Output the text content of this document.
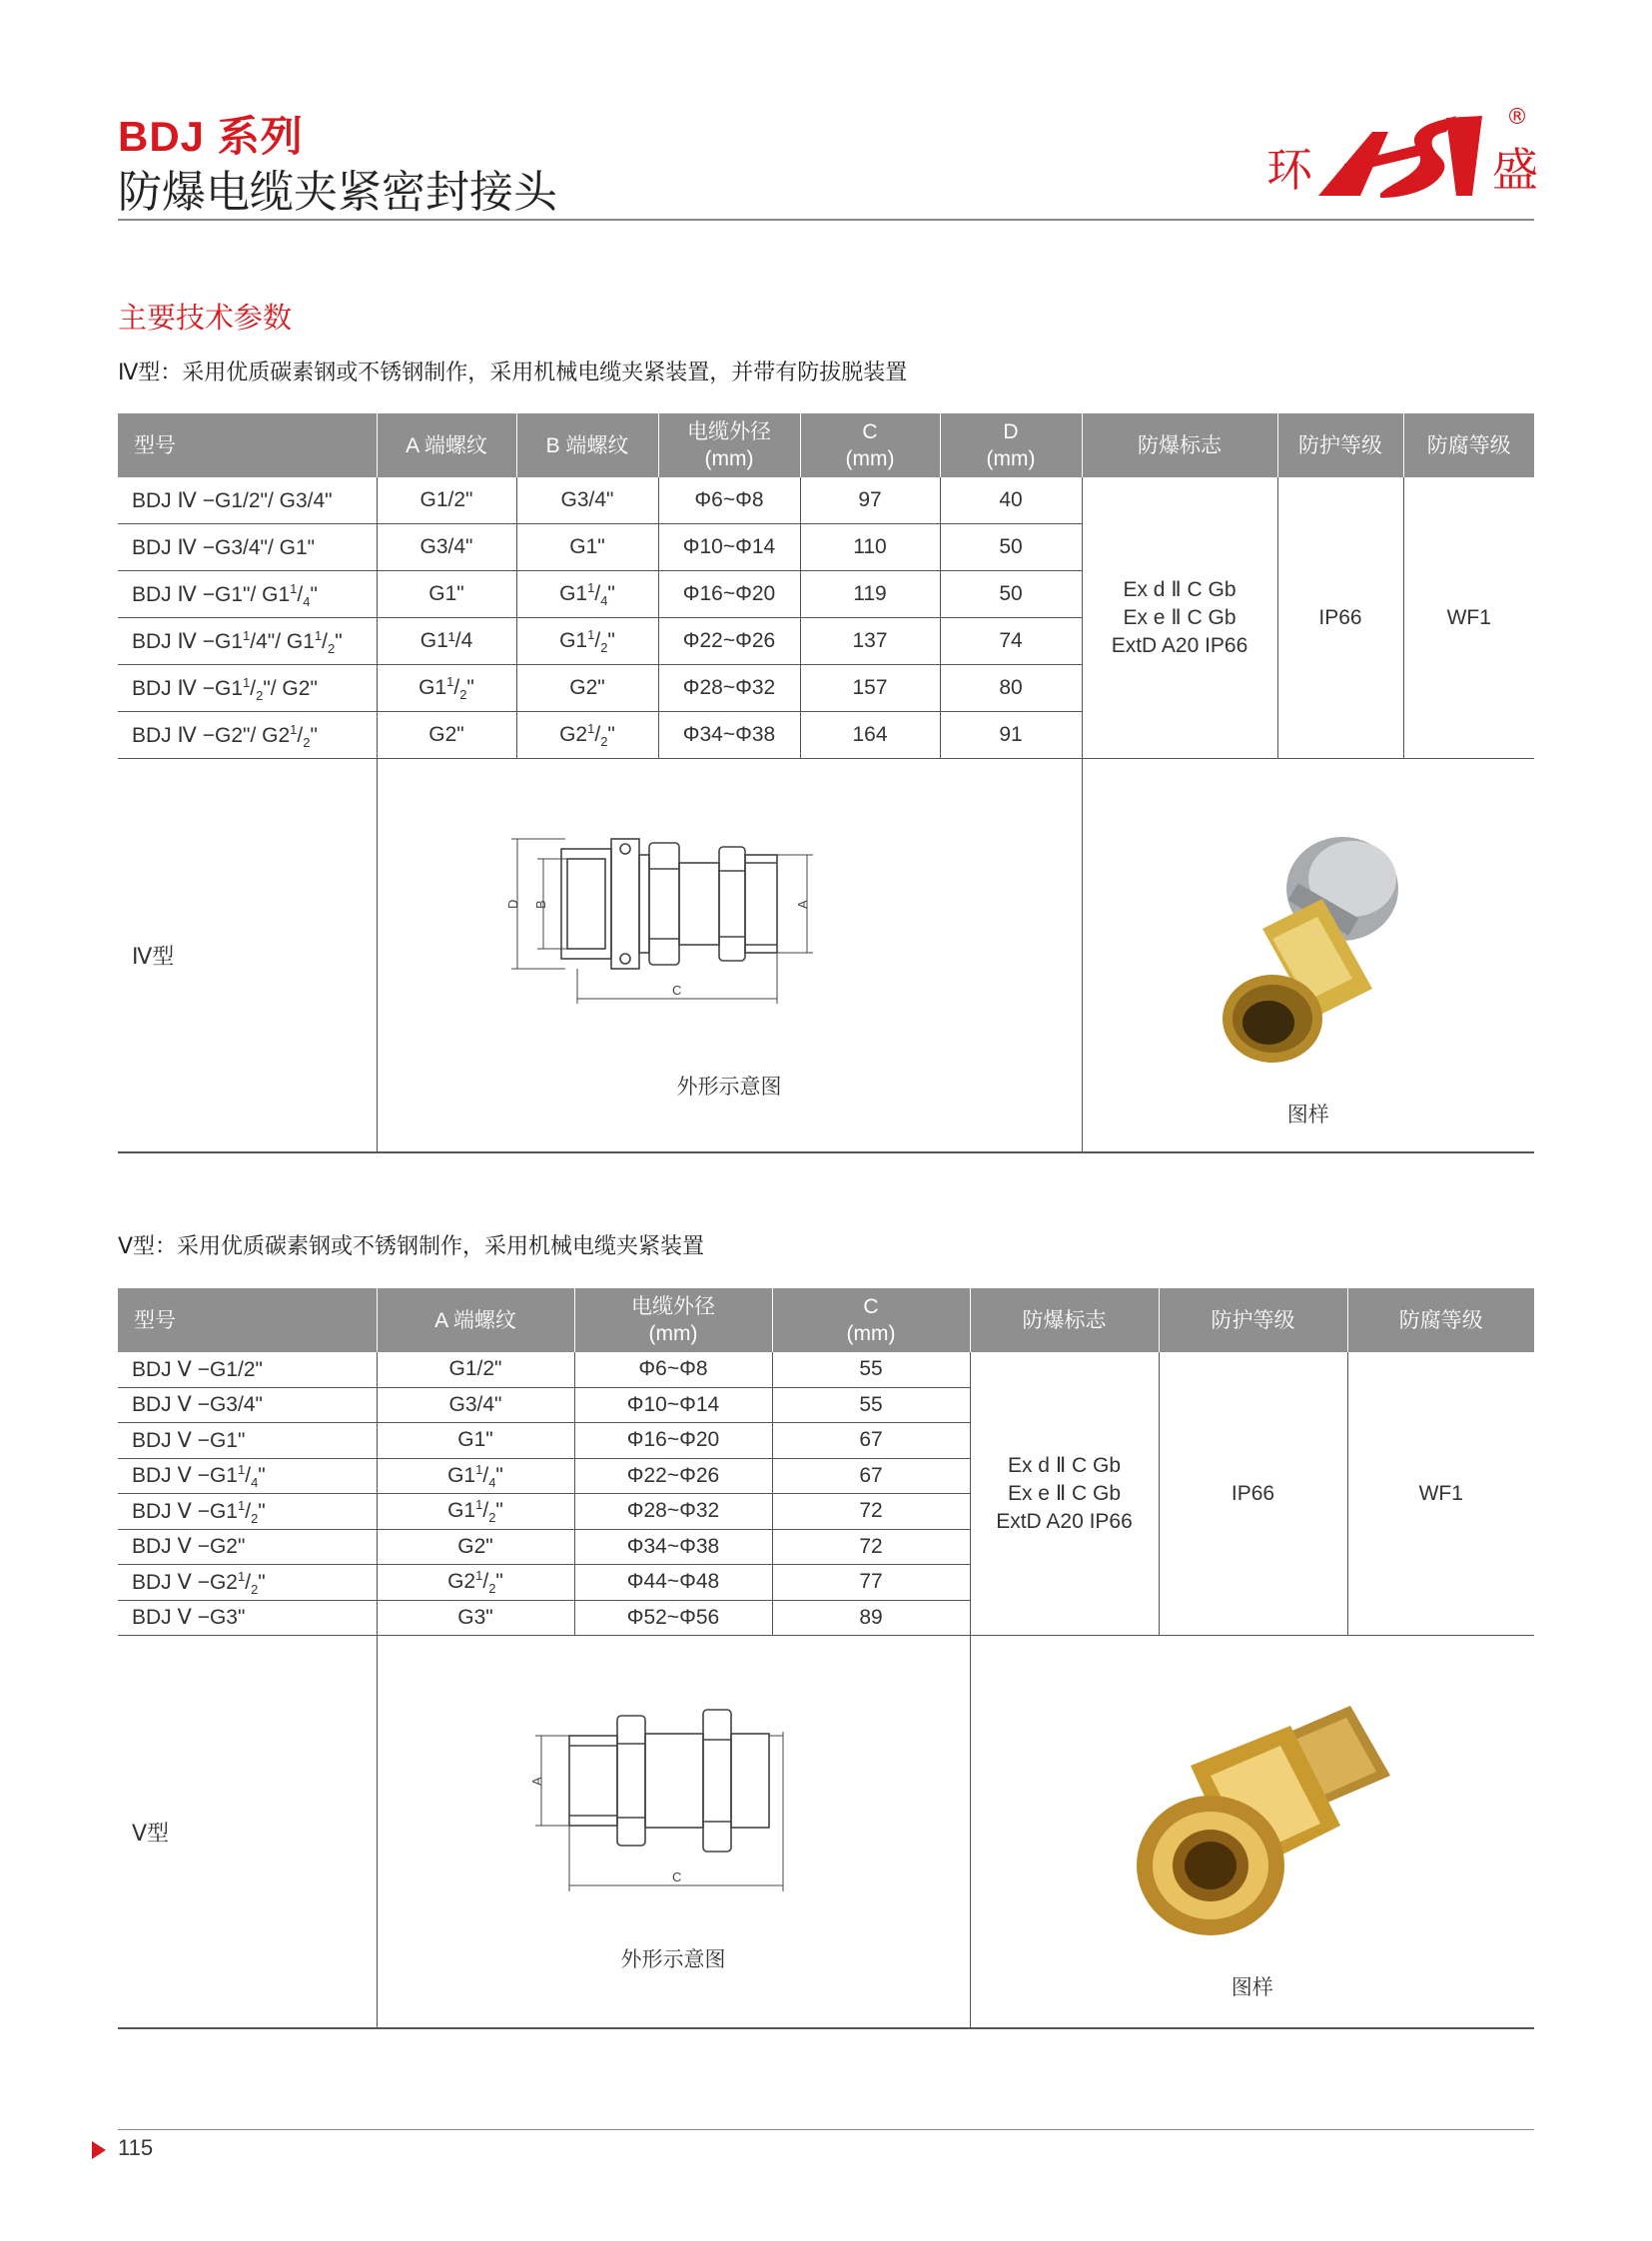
BDJ 系列
防爆电缆夹紧密封接头	环	盛
®
主要技术参数
Ⅳ型：采用优质碳素钢或不锈钢制作，采用机械电缆夹紧装置，并带有防拔脱装置
型号	A 端螺纹	B 端螺纹	电缆外径
(mm)	C
(mm)	D
(mm)	防爆标志	防护等级	防腐等级
BDJ Ⅳ −G1/2"/ G3/4"	G1/2"	G3/4"	Φ6~Φ8	97	40	Ex d Ⅱ C Gb
Ex e Ⅱ C Gb
ExtD A20 IP66	IP66	WF1
BDJ Ⅳ −G3/4"/ G1"	G3/4"	G1"	Φ10~Φ14	110	50			
BDJ Ⅳ −G1"/ $G1^1/_4$"	G1"	$G1^1/_4$"	Φ16~Φ20	119	50			
BDJ Ⅳ $-G1^1/4"/$ $G1^1/_2$"	G1¹/4	$G1^1/_2$"	Φ22~Φ26	137	74			
BDJ Ⅳ $-G1^1/_2"/$ G2"	$G1^1/_2$"	G2"	Φ28~Φ32	157	80			
BDJ Ⅳ −G2"/ $G2^1/_2$"	G2"	$G2^1/_2$"	Φ34~Φ38	164	91			
Ⅳ型	D B A
C
外形示意图					图样		
Ⅴ型：采用优质碳素钢或不锈钢制作，采用机械电缆夹紧装置
型号	A 端螺纹	电缆外径
(mm)	C
(mm)	防爆标志	防护等级	防腐等级
BDJ Ⅴ −G1/2"	G1/2"	Φ6~Φ8	55	Ex d Ⅱ C Gb
Ex e Ⅱ C Gb
ExtD A20 IP66	IP66	WF1
BDJ Ⅴ −G3/4"	G3/4"	Φ10~Φ14	55			
BDJ Ⅴ −G1"	G1"	Φ16~Φ20	67			
BDJ Ⅴ $-G1^1/_4$"	$G1^1/_4$"	Φ22~Φ26	67			
BDJ Ⅴ $-G1^1/_2$"	$G1^1/_2$"	Φ28~Φ32	72			
BDJ Ⅴ −G2"	G2"	Φ34~Φ38	72			
BDJ Ⅴ $-G2^1/_2$"	$G2^1/_2$"	Φ44~Φ48	77			
BDJ Ⅴ −G3"	G3"	Φ52~Φ56	89			
Ⅴ型	A
C
外形示意图			图样		
115
